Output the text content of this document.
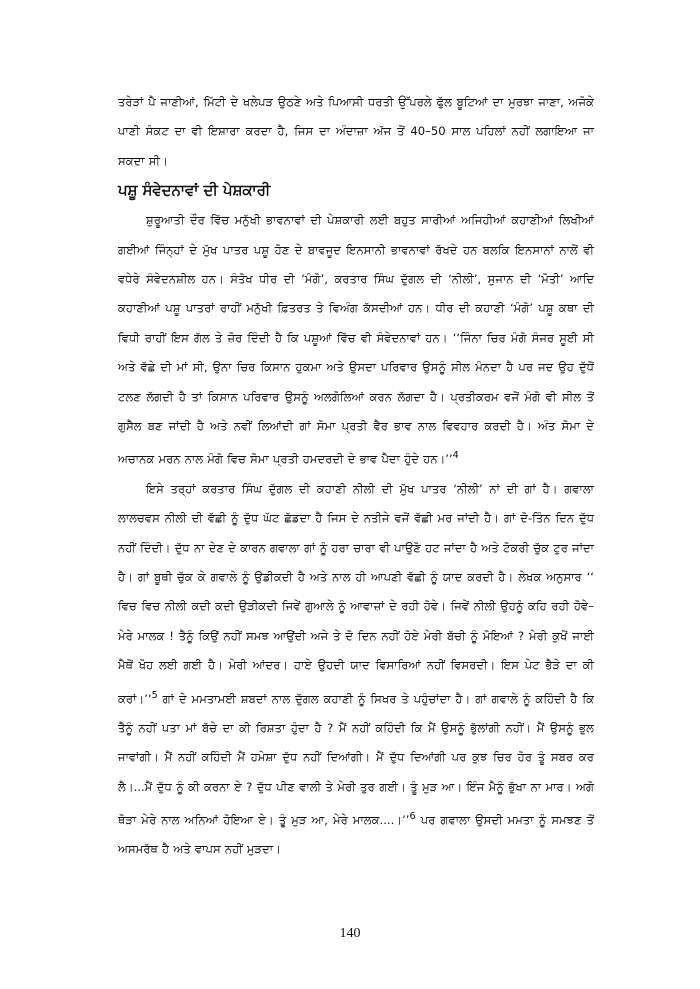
ਤਰੇੜਾਂ ਪੈ ਜਾਣੀਆਂ, ਮਿੱਟੀ ਦੇ ਖਲੇਪੜ ਉਠਣੇ ਅਤੇ ਪਿਆਸੀ ਧਰਤੀ ਉੱਪਰਲੇ ਫੁੱਲ ਬੂਟਿਆਂ ਦਾ ਮੁਰਝਾ ਜਾਣਾ, ਅਜੋਕੇ ਪਾਣੀ ਸੰਕਟ ਦਾ ਵੀ ਇਸ਼ਾਰਾ ਕਰਦਾ ਹੈ, ਜਿਸ ਦਾ ਅੰਦਾਜ਼ਾ ਅੱਜ ਤੋਂ 40–50 ਸਾਲ ਪਹਿਲਾਂ ਨਹੀਂ ਲਗਾਇਆ ਜਾ ਸਕਦਾ ਸੀ।

ਪਸ਼ੂ ਸੰਵੇਦਨਾਵਾਂ ਦੀ ਪੇਸ਼ਕਾਰੀ

ਸ਼ੁਰੂਆਤੀ ਦੌਰ ਵਿੱਚ ਮਨੁੱਖੀ ਭਾਵਨਾਵਾਂ ਦੀ ਪੇਸ਼ਕਾਰੀ ਲਈ ਬਹੁਤ ਸਾਰੀਆਂ ਅਜਿਹੀਆਂ ਕਹਾਣੀਆਂ ਲਿਖੀਆਂ ਗਈਆਂ ਜਿੰਨ੍ਹਾਂ ਦੇ ਮੁੱਖ ਪਾਤਰ ਪਸ਼ੂ ਹੋਣ ਦੇ ਬਾਵਜੂਦ ਇਨਸਾਨੀ ਭਾਵਨਾਵਾਂ ਰੱਖਦੇ ਹਨ ਬਲਕਿ ਇਨਸਾਨਾਂ ਨਾਲੋਂ ਵੀ ਵਧੇਰੇ ਸੰਵੇਦਨਸ਼ੀਲ ਹਨ। ਸੰਤੋਖ ਧੀਰ ਦੀ ‘ਮੰਗੋ’, ਕਰਤਾਰ ਸਿੰਘ ਦੁੱਗਲ ਦੀ ‘ਨੀਲੀ’, ਸੁਜਾਨ ਦੀ ‘ਮੋਤੀ’ ਆਦਿ ਕਹਾਣੀਆਂ ਪਸ਼ੂ ਪਾਤਰਾਂ ਰਾਹੀਂ ਮਨੁੱਖੀ ਫ਼ਿਤਰਤ ਤੇ ਵਿਅੰਗ ਕੱਸਦੀਆਂ ਹਨ। ਧੀਰ ਦੀ ਕਹਾਣੀ ‘ਮੰਗੋ’ ਪਸ਼ੂ ਕਥਾ ਦੀ ਵਿਧੀ ਰਾਹੀਂ ਇਸ ਗੱਲ ਤੇ ਜ਼ੋਰ ਦਿੰਦੀ ਹੈ ਕਿ ਪਸ਼ੂਆਂ ਵਿੱਚ ਵੀ ਸੰਵੇਦਨਾਵਾਂ ਹਨ। ‘‘ਜਿੰਨਾ ਚਿਰ ਮੰਗੋ ਸੰਜਰ ਸੂਈ ਸੀ ਅਤੇ ਵੱਛੇ ਦੀ ਮਾਂ ਸੀ, ਉਨਾ ਚਿਰ ਕਿਸਾਨ ਹੁਕਮਾ ਅਤੇ ਉਸਦਾ ਪਰਿਵਾਰ ਉਸਨੂੰ ਸੀਲ ਮੰਨਦਾ ਹੈ ਪਰ ਜਦ ਉਹ ਦੁੱਧੋਂ ਟਲਣ ਲੱਗਦੀ ਹੈ ਤਾਂ ਕਿਸਾਨ ਪਰਿਵਾਰ ਉਸਨੂੰ ਅਲਗੋਲਿਆਂ ਕਰਨ ਲੱਗਦਾ ਹੈ। ਪ੍ਰਤੀਕਰਮ ਵਜੋਂ ਮੰਗੋ ਵੀ ਸੀਲ ਤੋਂ ਗੁਸੈਲ ਬਣ ਜਾਂਦੀ ਹੈ ਅਤੇ ਨਵੀਂ ਲਿਆਂਦੀ ਗਾਂ ਸੋਮਾ ਪ੍ਰਤੀ ਵੈਰ ਭਾਵ ਨਾਲ ਵਿਵਹਾਰ ਕਰਦੀ ਹੈ। ਅੰਤ ਸੋਮਾ ਦੇ ਅਚਾਨਕ ਮਰਨ ਨਾਲ ਮੰਗੋ ਵਿਚ ਸੋਮਾ ਪ੍ਰਤੀ ਹਮਦਰਦੀ ਦੇ ਭਾਵ ਪੈਦਾ ਹੁੰਦੇ ਹਨ।’’$^4$

ਇਸੇ ਤਰ੍ਹਾਂ ਕਰਤਾਰ ਸਿੰਘ ਦੁੱਗਲ ਦੀ ਕਹਾਣੀ ਨੀਲੀ ਦੀ ਮੁੱਖ ਪਾਤਰ ‘ਨੀਲੀ’ ਨਾਂ ਦੀ ਗਾਂ ਹੈ। ਗਵਾਲਾ ਲਾਲਚਵਸ ਨੀਲੀ ਦੀ ਵੱਛੀ ਨੂੰ ਦੁੱਧ ਘੱਟ ਛੱਡਦਾ ਹੈ ਜਿਸ ਦੇ ਨਤੀਜੇ ਵਜੋਂ ਵੱਛੀ ਮਰ ਜਾਂਦੀ ਹੈ। ਗਾਂ ਦੋ-ਤਿੰਨ ਦਿਨ ਦੁੱਧ ਨਹੀਂ ਦਿੰਦੀ। ਦੁੱਧ ਨਾ ਦੇਣ ਦੇ ਕਾਰਨ ਗਵਾਲਾ ਗਾਂ ਨੂੰ ਹਰਾ ਚਾਰਾ ਵੀ ਪਾਉਣੋ ਹਟ ਜਾਂਦਾ ਹੈ ਅਤੇ ਟੋਕਰੀ ਚੁੱਕ ਟੁਰ ਜਾਂਦਾ ਹੈ। ਗਾਂ ਬੂਥੀ ਚੁੱਕ ਕੇ ਗਵਾਲੇ ਨੂੰ ਉਡੀਕਦੀ ਹੈ ਅਤੇ ਨਾਲ ਹੀ ਆਪਣੀ ਵੱਛੀ ਨੂੰ ਯਾਦ ਕਰਦੀ ਹੈ। ਲੇਖਕ ਅਨੁਸਾਰ ‘‘ ਵਿਚ ਵਿਚ ਨੀਲੀ ਕਦੀ ਕਦੀ ਉੜੀਕਦੀ ਜਿਵੇਂ ਗੁਆਲੇ ਨੂੰ ਆਵਾਜ਼ਾਂ ਦੇ ਰਹੀ ਹੋਵੇ। ਜਿਵੇਂ ਨੀਲੀ ਉਹਨੂੰ ਕਹਿ ਰਹੀ ਹੋਵੇ– ਮੇਰੇ ਮਾਲਕ ! ਤੈਨੂੰ ਕਿਉਂ ਨਹੀਂ ਸਮਝ ਆਉਂਦੀ ਅਜੇ ਤੇ ਦੋ ਦਿਨ ਨਹੀਂ ਹੋਏ ਮੇਰੀ ਬੱਚੀ ਨੂੰ ਮੋਇਆਂ ? ਮੇਰੀ ਕੁਖੋਂ ਜਾਈ ਮੈਥੋਂ ਖੋਹ ਲਈ ਗਈ ਹੈ। ਮੇਰੀ ਆਂਦਰ। ਹਾਏ ਉਹਦੀ ਯਾਦ ਵਿਸਾਰਿਆਂ ਨਹੀਂ ਵਿਸਰਦੀ। ਇਸ ਪੇਟ ਭੈੜੇ ਦਾ ਕੀ ਕਰਾਂ।’’$^5$ ਗਾਂ ਦੇ ਮਮਤਾਮਈ ਸ਼ਬਦਾਂ ਨਾਲ ਦੁੱਗਲ ਕਹਾਣੀ ਨੂੰ ਸਿਖਰ ਤੇ ਪਹੁੰਚਾਂਦਾ ਹੈ। ਗਾਂ ਗਵਾਲੇ ਨੂੰ ਕਹਿੰਦੀ ਹੈ ਕਿ ਤੈਨੂੰ ਨਹੀਂ ਪਤਾ ਮਾਂ ਬੱਚੇ ਦਾ ਕੀ ਰਿਸ਼ਤਾ ਹੁੰਦਾ ਹੈ ? ਮੈਂ ਨਹੀਂ ਕਹਿੰਦੀ ਕਿ ਮੈਂ ਉਸਨੂੰ ਭੁੱਲਾਂਗੀ ਨਹੀਂ। ਮੈਂ ਉਸਨੂੰ ਭੁਲ ਜਾਵਾਂਗੀ। ਮੈਂ ਨਹੀਂ ਕਹਿੰਦੀ ਮੈਂ ਹਮੇਸ਼ਾ ਦੁੱਧ ਨਹੀਂ ਦਿਆਂਗੀ। ਮੈਂ ਦੁੱਧ ਦਿਆਂਗੀ ਪਰ ਕੁਝ ਚਿਰ ਹੋਰ ਤੂੰ ਸਬਰ ਕਰ ਲੈ।...ਮੈਂ ਦੁੱਧ ਨੂੰ ਕੀ ਕਰਨਾ ਏ ? ਦੁੱਧ ਪੀਣ ਵਾਲੀ ਤੇ ਮੇਰੀ ਤੁਰ ਗਈ। ਤੂੰ ਮੁੜ ਆ। ਇੰਜ ਮੈਨੂੰ ਭੁੱਖਾ ਨਾ ਮਾਰ। ਅਗੋ ਥੋੜਾ ਮੇਰੇ ਨਾਲ ਅਨਿਆਂ ਹੋਇਆ ਏ। ਤੂੰ ਮੁੜ ਆ, ਮੇਰੇ ਮਾਲਕ....।’’$^6$ ਪਰ ਗਵਾਲਾ ਉਸਦੀ ਮਮਤਾ ਨੂੰ ਸਮਝਣ ਤੋਂ ਅਸਮਰੱਥ ਹੈ ਅਤੇ ਵਾਪਸ ਨਹੀਂ ਮੁੜਦਾ।

140
